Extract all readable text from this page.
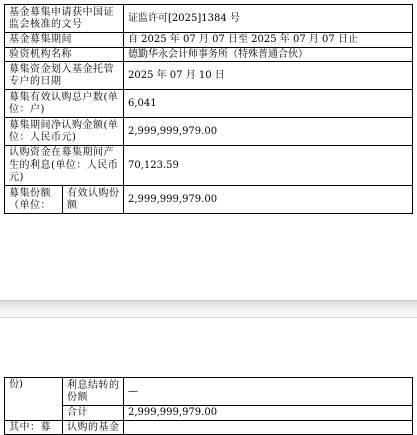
基金募集申请获中国证监会核准的文号		证监许可[2025]1384 号
基金募集期间		自 2025 年 07 月 07 日至 2025 年 07 月 07 日止
验资机构名称		德勤华永会计师事务所（特殊普通合伙）
募集资金划入基金托管专户的日期		2025 年 07 月 10 日
募集有效认购总户数(单位：户)		6,041
募集期间净认购金额(单位：人民币元)		2,999,999,979.00
认购资金在募集期间产生的利息(单位：人民币元)		70,123.59
募集份额（单位：	有效认购份额	2,999,999,979.00
份)	利息结转的份额	—
	合计	2,999,999,979.00
其中：募	认购的基金	
